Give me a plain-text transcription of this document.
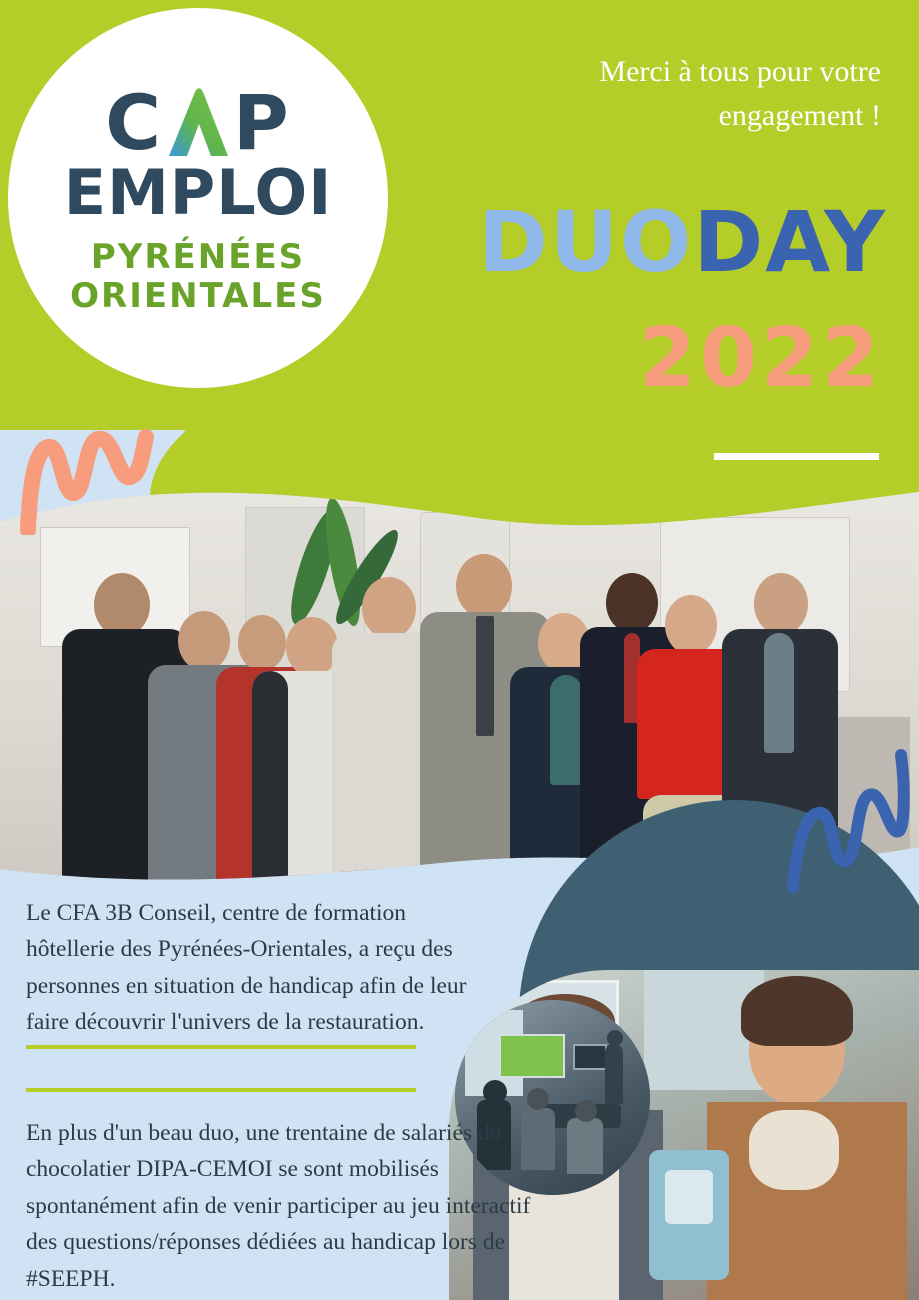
C P
EMPLOI
PYRÉNÉES
ORIENTALES
Merci à tous pour votre engagement !
DUODAY
2022
Le CFA 3B Conseil, centre de formation hôtellerie des Pyrénées-Orientales, a reçu des personnes en situation de handicap afin de leur faire découvrir l'univers de la restauration.
En plus d'un beau duo, une trentaine de salariés du chocolatier DIPA-CEMOI se sont mobilisés spontanément afin de venir participer au jeu interactif des questions/réponses dédiées au handicap lors de #SEEPH.
